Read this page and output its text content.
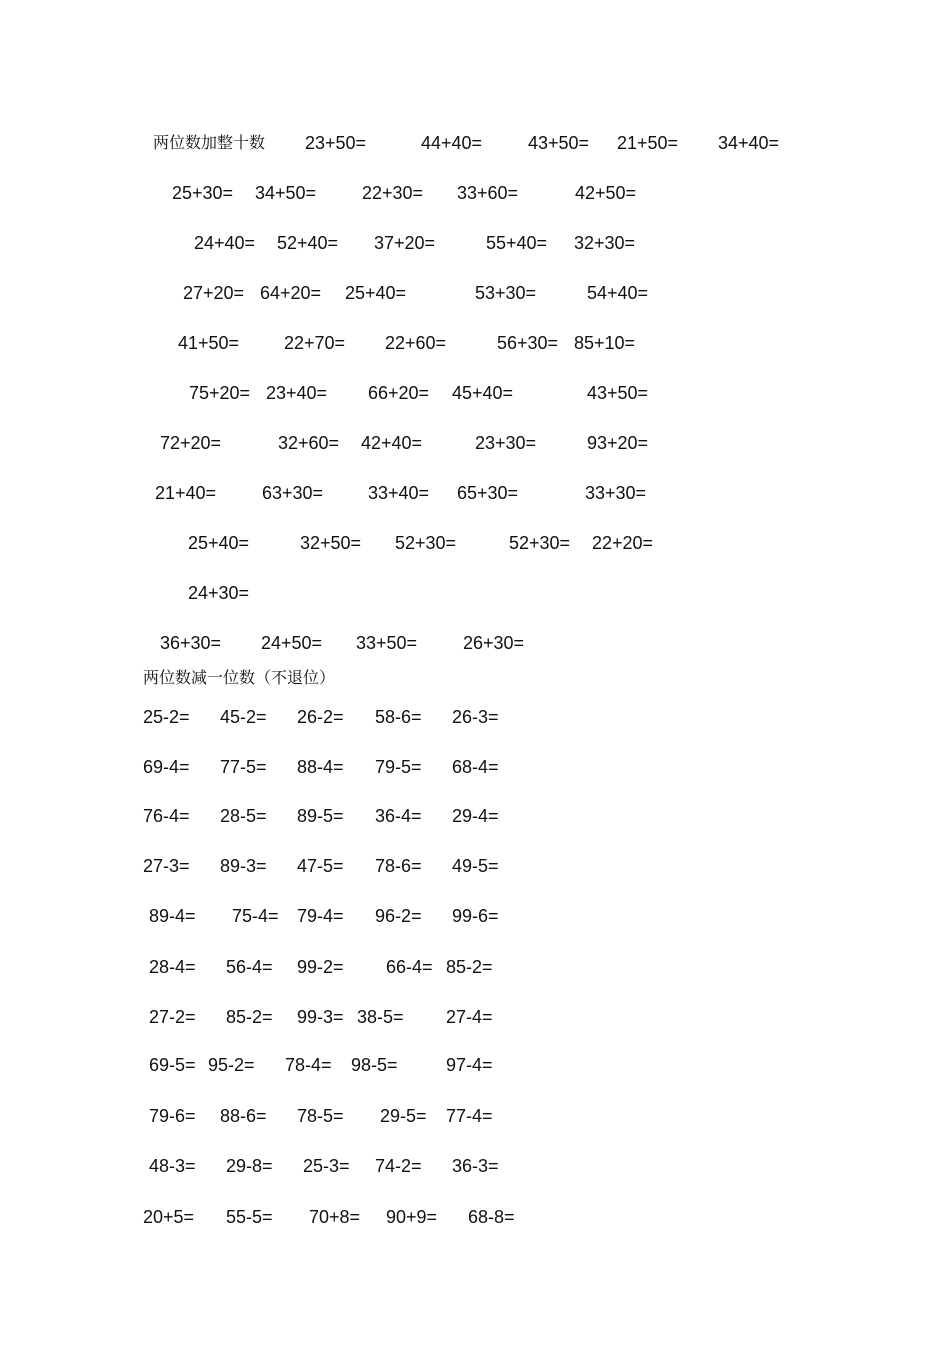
两位数加整十数 23+50=	44+40=	43+50= 21+50= 34+40=
25+30= 34+50=	22+30= 33+60=	42+50=
24+40= 52+40= 37+20=	55+40= 32+30=
27+20= 64+20= 25+40=	53+30=	54+40=
41+50= 22+70= 22+60=	56+30= 85+10=
75+20= 23+40= 66+20= 45+40=	43+50=
72+20=	32+60= 42+40=	23+30=	93+20=
21+40=	63+30= 33+40= 65+30=	33+30=
25+40=	32+50= 52+30=	52+30= 22+20=
24+30=
36+30= 24+50= 33+50=	26+30=
两位数减一位数（不退位）
25-2= 45-2= 26-2= 58-6= 26-3=
69-4= 77-5= 88-4= 79-5= 68-4=
76-4= 28-5= 89-5= 36-4= 29-4=
27-3= 89-3= 47-5= 78-6= 49-5=
89-4= 75-4= 79-4= 96-2= 99-6=
28-4= 56-4= 99-2= 66-4= 85-2=
27-2= 85-2= 99-3= 38-5= 27-4=
69-5= 95-2= 78-4= 98-5=	97-4=
79-6= 88-6= 78-5= 29-5= 77-4=
48-3= 29-8= 25-3= 74-2= 36-3=
20+5= 55-5= 70+8= 90+9= 68-8=
